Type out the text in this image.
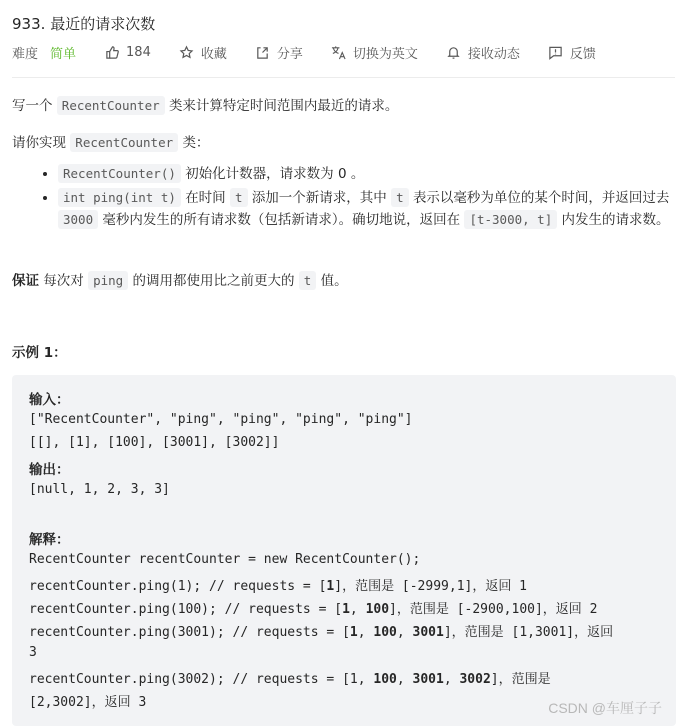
933. 最近的请求次数
难度 简单	184	收藏	分享	切换为英文	接收动态	反馈
写一个 RecentCounter 类来计算特定时间范围内最近的请求。
请你实现 RecentCounter 类：
• RecentCounter() 初始化计数器，请求数为 0 。
• int ping(int t) 在时间 t 添加一个新请求，其中 t 表示以毫秒为单位的某个时间，并返回过去 3000 毫秒内发生的所有请求数（包括新请求）。确切地说，返回在 [t-3000, t] 内发生的请求数。
保证 每次对 ping 的调用都使用比之前更大的 t 值。
示例 1：
输入：
["RecentCounter", "ping", "ping", "ping", "ping"]
[[], [1], [100], [3001], [3002]]
输出：
[null, 1, 2, 3, 3]
解释：
RecentCounter recentCounter = new RecentCounter();
recentCounter.ping(1); // requests = [1]，范围是 [-2999,1]，返回 1
recentCounter.ping(100); // requests = [1, 100]，范围是 [-2900,100]，返回 2
recentCounter.ping(3001); // requests = [1, 100, 3001]，范围是 [1,3001]，返回
3
recentCounter.ping(3002); // requests = [1, 100, 3001, 3002]，范围是
[2,3002]，返回 3	CSDN @车厘子子
